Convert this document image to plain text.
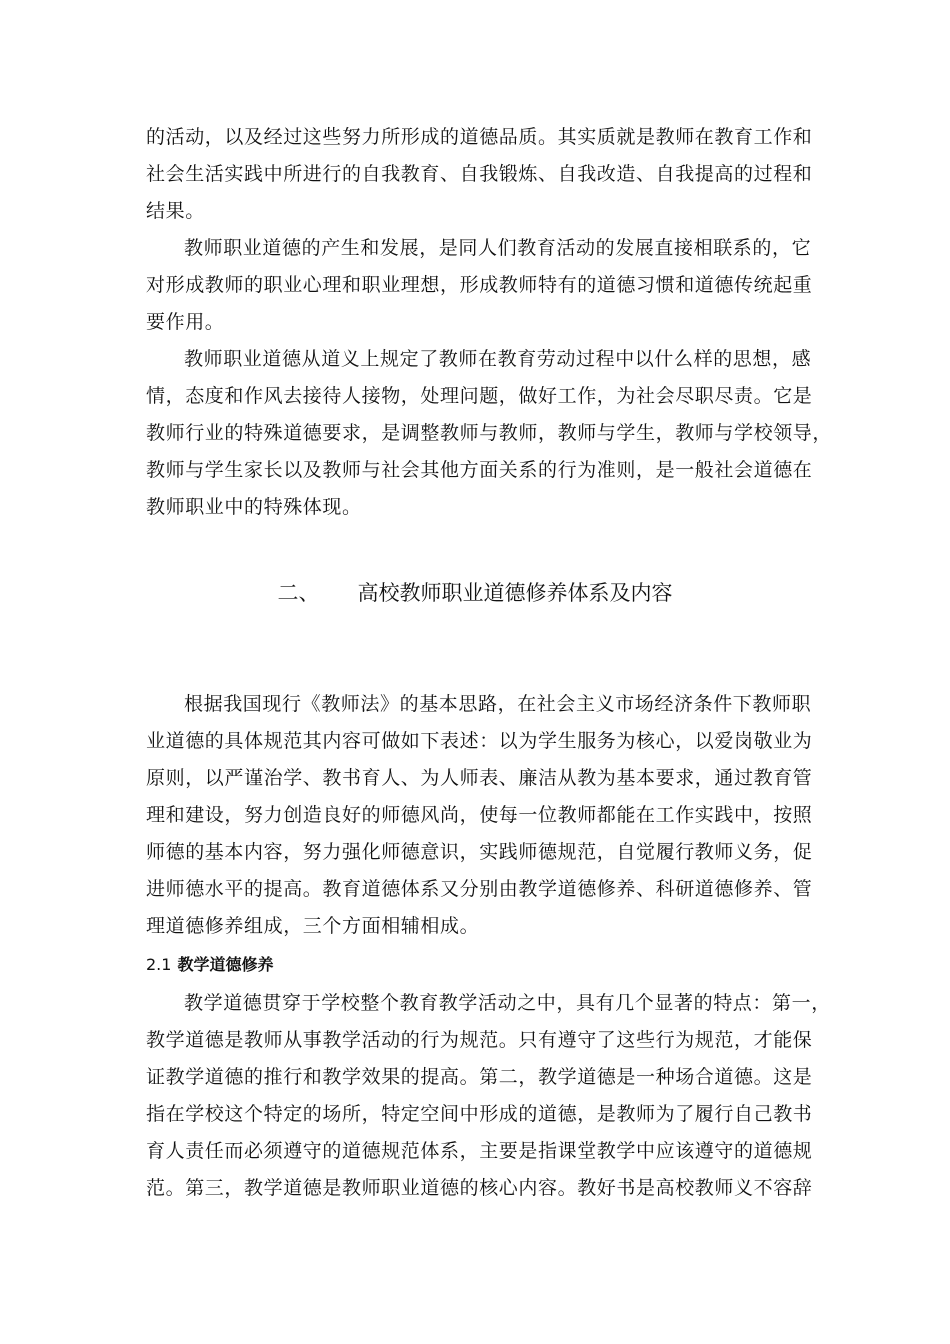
的活动，以及经过这些努力所形成的道德品质。其实质就是教师在教育工作和
社会生活实践中所进行的自我教育、自我锻炼、自我改造、自我提高的过程和
结果。
教师职业道德的产生和发展，是同人们教育活动的发展直接相联系的，它
对形成教师的职业心理和职业理想，形成教师特有的道德习惯和道德传统起重
要作用。
教师职业道德从道义上规定了教师在教育劳动过程中以什么样的思想，感
情，态度和作风去接待人接物，处理问题，做好工作，为社会尽职尽责。它是
教师行业的特殊道德要求，是调整教师与教师，教师与学生，教师与学校领导，
教师与学生家长以及教师与社会其他方面关系的行为准则，是一般社会道德在
教师职业中的特殊体现。
二、 高校教师职业道德修养体系及内容
根据我国现行《教师法》的基本思路，在社会主义市场经济条件下教师职
业道德的具体规范其内容可做如下表述：以为学生服务为核心，以爱岗敬业为
原则，以严谨治学、教书育人、为人师表、廉洁从教为基本要求，通过教育管
理和建设，努力创造良好的师德风尚，使每一位教师都能在工作实践中，按照
师德的基本内容，努力强化师德意识，实践师德规范，自觉履行教师义务，促
进师德水平的提高。教育道德体系又分别由教学道德修养、科研道德修养、管
理道德修养组成，三个方面相辅相成。
2.1 教学道德修养
教学道德贯穿于学校整个教育教学活动之中，具有几个显著的特点：第一，
教学道德是教师从事教学活动的行为规范。只有遵守了这些行为规范，才能保
证教学道德的推行和教学效果的提高。第二，教学道德是一种场合道德。这是
指在学校这个特定的场所，特定空间中形成的道德，是教师为了履行自己教书
育人责任而必须遵守的道德规范体系，主要是指课堂教学中应该遵守的道德规
范。第三，教学道德是教师职业道德的核心内容。教好书是高校教师义不容辞
